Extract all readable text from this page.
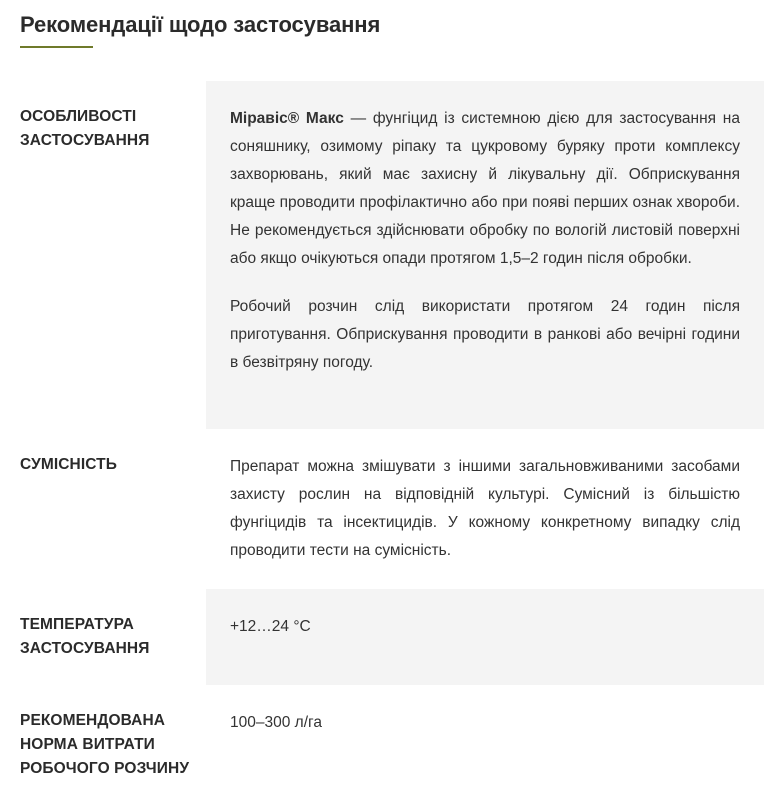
Рекомендації щодо застосування
ОСОБЛИВОСТІ ЗАСТОСУВАННЯ

Міравіс® Макс — фунгіцид із системною дією для застосування на соняшнику, озимому ріпаку та цукровому буряку проти комплексу захворювань, який має захисну й лікувальну дії. Обприскування краще проводити профілактично або при появі перших ознак хвороби. Не рекомендується здійснювати обробку по вологій листовій поверхні або якщо очікуються опади протягом 1,5–2 годин після обробки.

Робочий розчин слід використати протягом 24 годин після приготування. Обприскування проводити в ранкові або вечірні години в безвітряну погоду.

СУМІСНІСТЬ	Препарат можна змішувати з іншими загальновживаними засобами захисту рослин на відповідній культурі. Сумісний із більшістю фунгіцидів та інсектицидів. У кожному конкретному випадку слід проводити тести на сумісність.

ТЕМПЕРАТУРА ЗАСТОСУВАННЯ

+12…24 °C

РЕКОМЕНДОВАНА НОРМА ВИТРАТИ РОБОЧОГО РОЗЧИНУ

100–300 л/га
